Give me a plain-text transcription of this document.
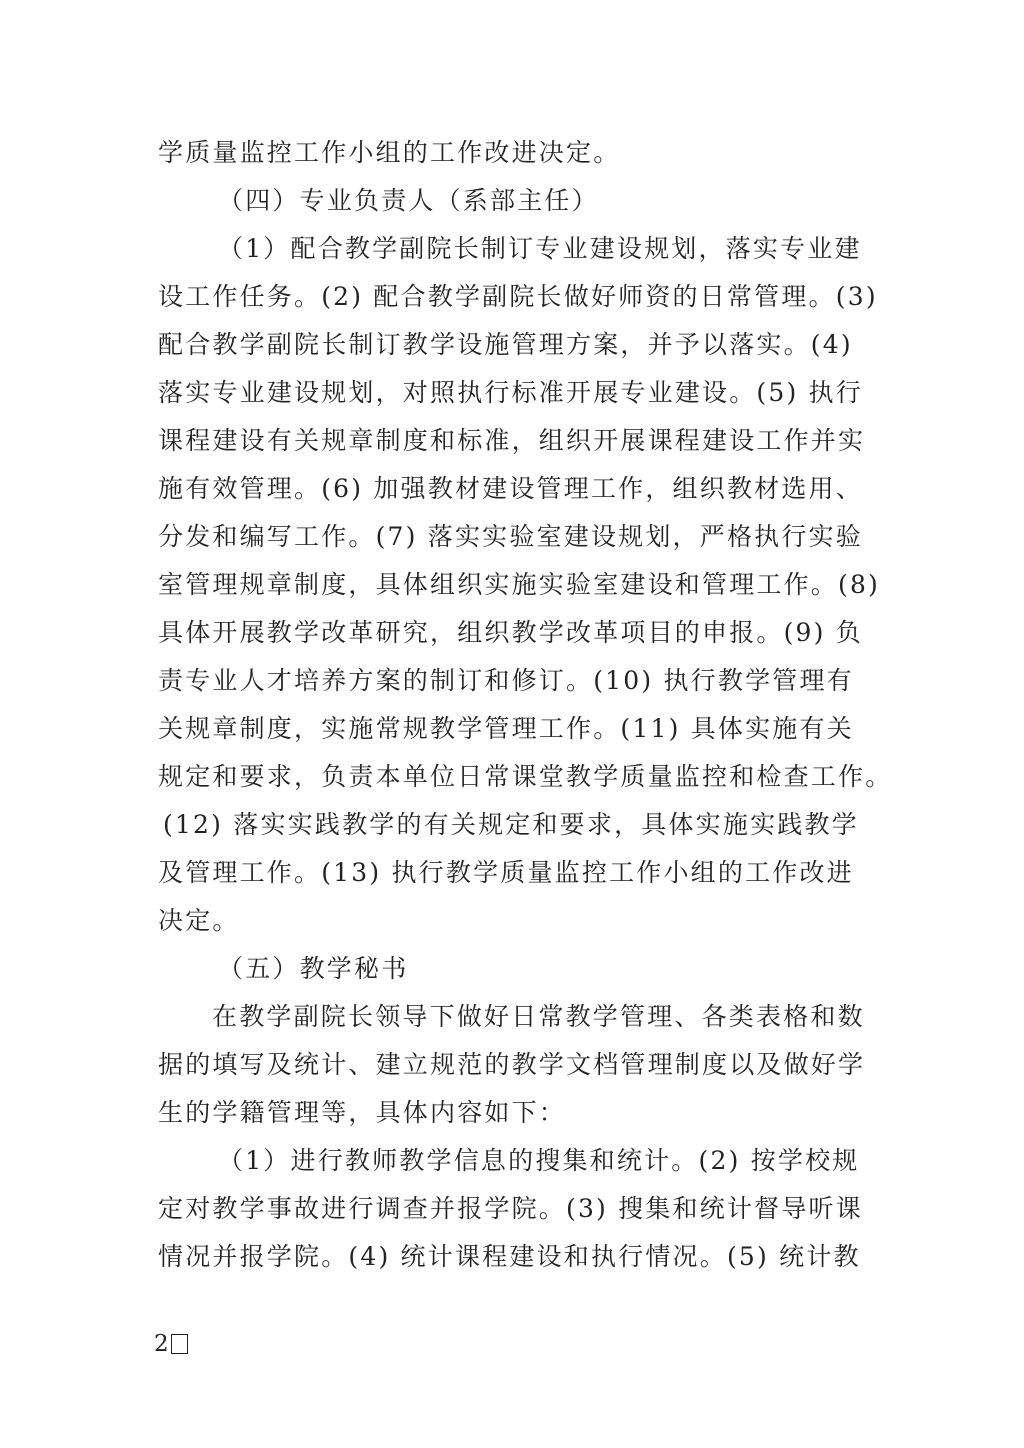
学质量监控工作小组的工作改进决定。
（四）专业负责人（系部主任）
（1）配合教学副院长制订专业建设规划，落实专业建
设工作任务。(2) 配合教学副院长做好师资的日常管理。(3)
配合教学副院长制订教学设施管理方案，并予以落实。(4)
落实专业建设规划，对照执行标准开展专业建设。(5) 执行
课程建设有关规章制度和标准，组织开展课程建设工作并实
施有效管理。(6) 加强教材建设管理工作，组织教材选用、
分发和编写工作。(7) 落实实验室建设规划，严格执行实验
室管理规章制度，具体组织实施实验室建设和管理工作。(8)
具体开展教学改革研究，组织教学改革项目的申报。(9) 负
责专业人才培养方案的制订和修订。(10) 执行教学管理有
关规章制度，实施常规教学管理工作。(11) 具体实施有关
规定和要求，负责本单位日常课堂教学质量监控和检查工作。
(12) 落实实践教学的有关规定和要求，具体实施实践教学
及管理工作。(13) 执行教学质量监控工作小组的工作改进
决定。
（五）教学秘书
在教学副院长领导下做好日常教学管理、各类表格和数
据的填写及统计、建立规范的教学文档管理制度以及做好学
生的学籍管理等，具体内容如下：
（1）进行教师教学信息的搜集和统计。(2) 按学校规
定对教学事故进行调查并报学院。(3) 搜集和统计督导听课
情况并报学院。(4) 统计课程建设和执行情况。(5) 统计教
2
